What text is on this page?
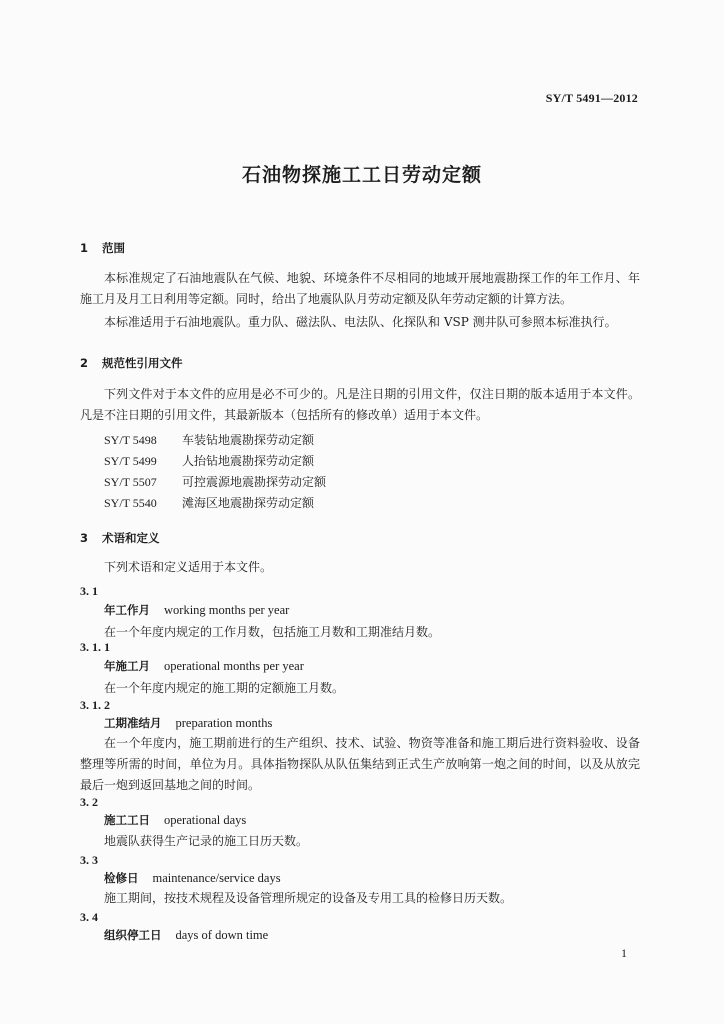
SY/T 5491—2012
石油物探施工工日劳动定额
1 范围
本标准规定了石油地震队在气候、地貌、环境条件不尽相同的地域开展地震勘探工作的年工作月、年施工月及月工日利用等定额。同时，给出了地震队队月劳动定额及队年劳动定额的计算方法。
本标准适用于石油地震队。重力队、磁法队、电法队、化探队和 VSP 测井队可参照本标准执行。
2 规范性引用文件
下列文件对于本文件的应用是必不可少的。凡是注日期的引用文件，仅注日期的版本适用于本文件。凡是不注日期的引用文件，其最新版本（包括所有的修改单）适用于本文件。
SY/T 5498 车装钻地震勘探劳动定额
SY/T 5499 人抬钻地震勘探劳动定额
SY/T 5507 可控震源地震勘探劳动定额
SY/T 5540 滩海区地震勘探劳动定额
3 术语和定义
下列术语和定义适用于本文件。
3. 1
年工作月 working months per year
在一个年度内规定的工作月数，包括施工月数和工期准结月数。
3. 1. 1
年施工月 operational months per year
在一个年度内规定的施工期的定额施工月数。
3. 1. 2
工期准结月 preparation months
在一个年度内，施工期前进行的生产组织、技术、试验、物资等准备和施工期后进行资料验收、设备整理等所需的时间，单位为月。具体指物探队从队伍集结到正式生产放响第一炮之间的时间，以及从放完最后一炮到返回基地之间的时间。
3. 2
施工工日 operational days
地震队获得生产记录的施工日历天数。
3. 3
检修日 maintenance/service days
施工期间，按技术规程及设备管理所规定的设备及专用工具的检修日历天数。
3. 4
组织停工日 days of down time
1
